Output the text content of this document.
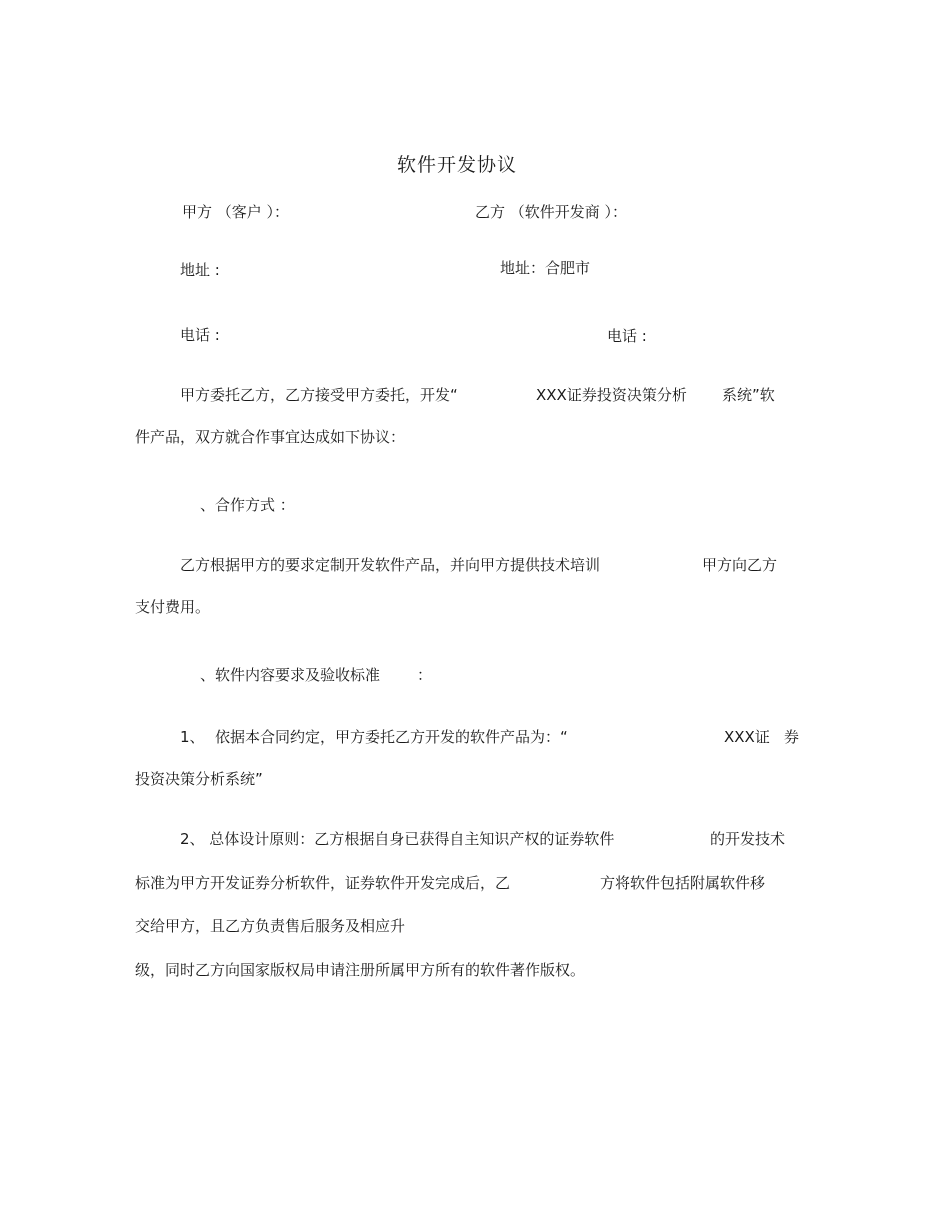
软件开发协议
甲方 （客户 ）：	乙方 （软件开发商 ）：
地址 :	地址：合肥市
电话 :	电话 :
甲方委托乙方，乙方接受甲方委托，开发“	XXX证券投资决策分析 系统”软
件产品，双方就合作事宜达成如下协议：
、合作方式 ：
乙方根据甲方的要求定制开发软件产品，并向甲方提供技术培训	甲方向乙方
支付费用。
、软件内容要求及验收标准 ：
1、 依据本合同约定，甲方委托乙方开发的软件产品为：“	XXX证 券
投资决策分析系统”
2、 总体设计原则：乙方根据自身已获得自主知识产权的证券软件	的开发技术
标准为甲方开发证券分析软件，证券软件开发完成后，乙	方将软件包括附属软件移
交给甲方，且乙方负责售后服务及相应升
级，同时乙方向国家版权局申请注册所属甲方所有的软件著作版权。
